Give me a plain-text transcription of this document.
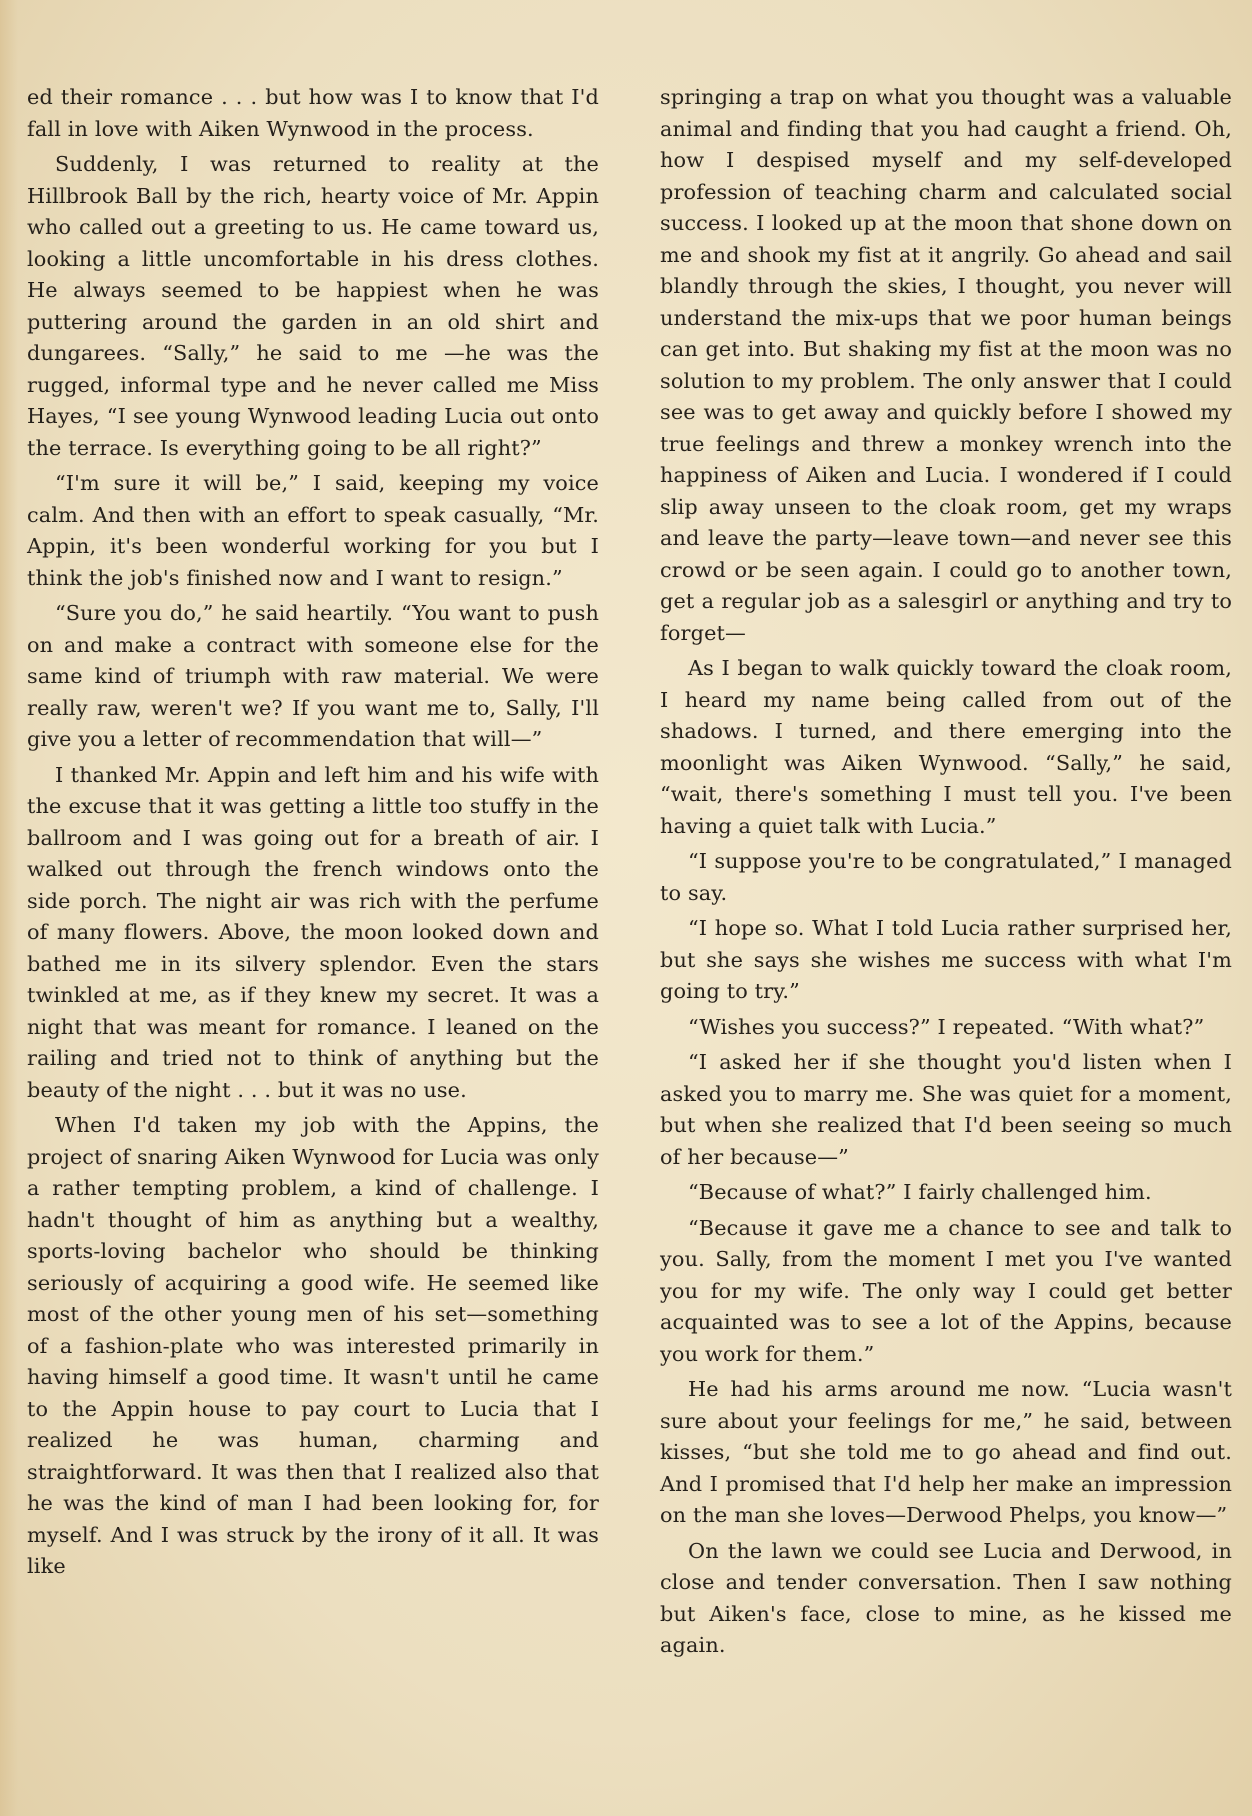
ed their romance . . . but how was I to know that I'd fall in love with Aiken Wynwood in the process.

Suddenly, I was returned to reality at the Hillbrook Ball by the rich, hearty voice of Mr. Appin who called out a greeting to us. He came toward us, looking a little uncomfortable in his dress clothes. He always seemed to be happiest when he was puttering around the garden in an old shirt and dungarees. “Sally,” he said to me —he was the rugged, informal type and he never called me Miss Hayes, “I see young Wynwood leading Lucia out onto the terrace. Is everything going to be all right?”

“I'm sure it will be,” I said, keeping my voice calm. And then with an effort to speak casually, “Mr. Appin, it's been wonderful working for you but I think the job's finished now and I want to resign.”

“Sure you do,” he said heartily. “You want to push on and make a contract with someone else for the same kind of triumph with raw material. We were really raw, weren't we? If you want me to, Sally, I'll give you a letter of recommendation that will—”

I thanked Mr. Appin and left him and his wife with the excuse that it was getting a little too stuffy in the ballroom and I was going out for a breath of air. I walked out through the french windows onto the side porch. The night air was rich with the perfume of many flowers. Above, the moon looked down and bathed me in its silvery splendor. Even the stars twinkled at me, as if they knew my secret. It was a night that was meant for romance. I leaned on the railing and tried not to think of anything but the beauty of the night . . . but it was no use.

When I'd taken my job with the Appins, the project of snaring Aiken Wynwood for Lucia was only a rather tempting problem, a kind of challenge. I hadn't thought of him as anything but a wealthy, sports-loving bachelor who should be thinking seriously of acquiring a good wife. He seemed like most of the other young men of his set—something of a fashion-plate who was interested primarily in having himself a good time. It wasn't until he came to the Appin house to pay court to Lucia that I realized he was human, charming and straightforward. It was then that I realized also that he was the kind of man I had been looking for, for myself. And I was struck by the irony of it all. It was like

springing a trap on what you thought was a valuable animal and finding that you had caught a friend. Oh, how I despised myself and my self-developed profession of teaching charm and calculated social success. I looked up at the moon that shone down on me and shook my fist at it angrily. Go ahead and sail blandly through the skies, I thought, you never will understand the mix-ups that we poor human beings can get into. But shaking my fist at the moon was no solution to my problem. The only answer that I could see was to get away and quickly before I showed my true feelings and threw a monkey wrench into the happiness of Aiken and Lucia. I wondered if I could slip away unseen to the cloak room, get my wraps and leave the party—leave town—and never see this crowd or be seen again. I could go to another town, get a regular job as a salesgirl or anything and try to forget—

As I began to walk quickly toward the cloak room, I heard my name being called from out of the shadows. I turned, and there emerging into the moonlight was Aiken Wynwood. “Sally,” he said, “wait, there's something I must tell you. I've been having a quiet talk with Lucia.”

“I suppose you're to be congratulated,” I managed to say.

“I hope so. What I told Lucia rather surprised her, but she says she wishes me success with what I'm going to try.”

“Wishes you success?” I repeated. “With what?”

“I asked her if she thought you'd listen when I asked you to marry me. She was quiet for a moment, but when she realized that I'd been seeing so much of her because—”

“Because of what?” I fairly challenged him.

“Because it gave me a chance to see and talk to you. Sally, from the moment I met you I've wanted you for my wife. The only way I could get better acquainted was to see a lot of the Appins, because you work for them.”

He had his arms around me now. “Lucia wasn't sure about your feelings for me,” he said, between kisses, “but she told me to go ahead and find out. And I promised that I'd help her make an impression on the man she loves—Derwood Phelps, you know—”

On the lawn we could see Lucia and Derwood, in close and tender conversation. Then I saw nothing but Aiken's face, close to mine, as he kissed me again.
